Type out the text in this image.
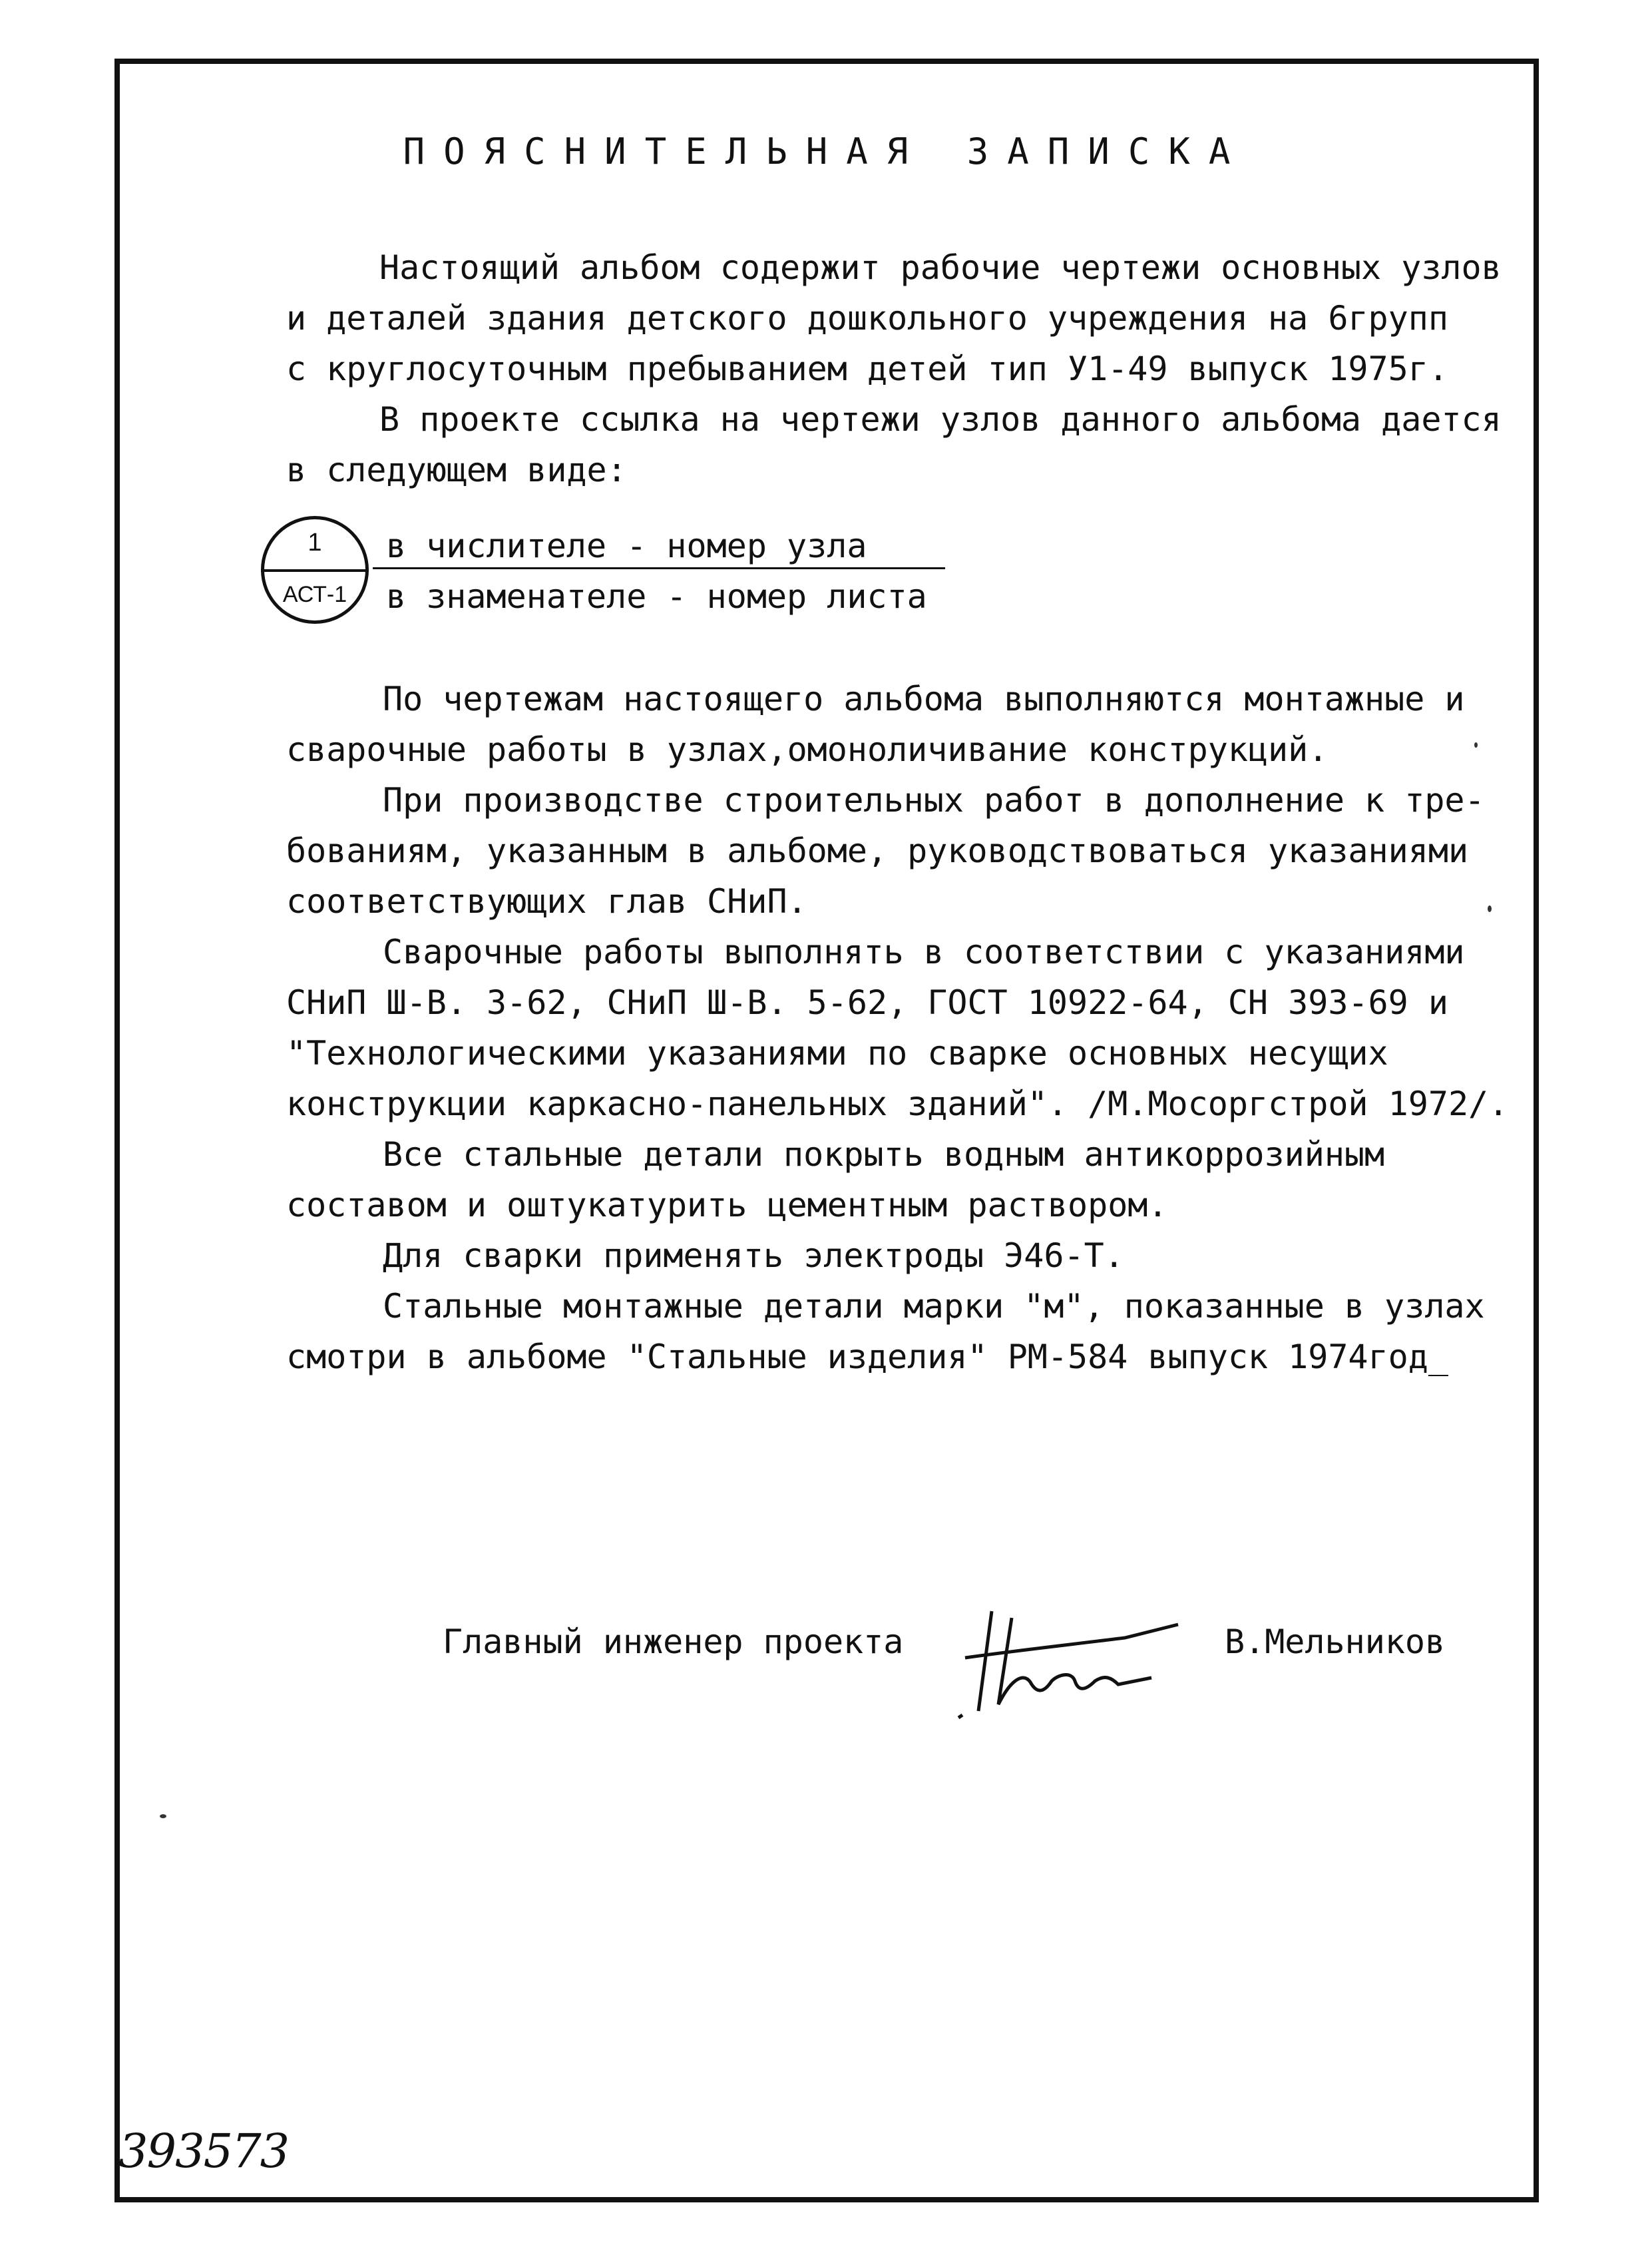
ПОЯСНИТЕЛЬНАЯ ЗАПИСКА
Настоящий альбом содержит рабочие чертежи основных узлов
и деталей здания детского дошкольного учреждения на 6групп
с круглосуточным пребыванием детей тип У1-49 выпуск 1975г.
В проекте ссылка на чертежи узлов данного альбома дается
в следующем виде:
1
АСТ-1
в числителе - номер узла
в знаменателе - номер листа
По чертежам настоящего альбома выполняются монтажные и
сварочные работы в узлах,омоноличивание конструкций.
При производстве строительных работ в дополнение к тре-
бованиям, указанным в альбоме, руководствоваться указаниями
соответствующих глав СНиП.
Сварочные работы выполнять в соответствии с указаниями
СНиП Ш-В. 3-62, СНиП Ш-В. 5-62, ГОСТ 10922-64, СН 393-69 и
"Технологическими указаниями по сварке основных несущих
конструкции каркасно-панельных зданий". /М.Мосоргстрой 1972/.
Все стальные детали покрыть водным антикоррозийным
составом и оштукатурить цементным раствором.
Для сварки применять электроды Э46-Т.
Стальные монтажные детали марки "м", показанные в узлах
смотри в альбоме "Стальные изделия" РМ-584 выпуск 1974год_
Главный инженер проекта	В.Мельников
393573
